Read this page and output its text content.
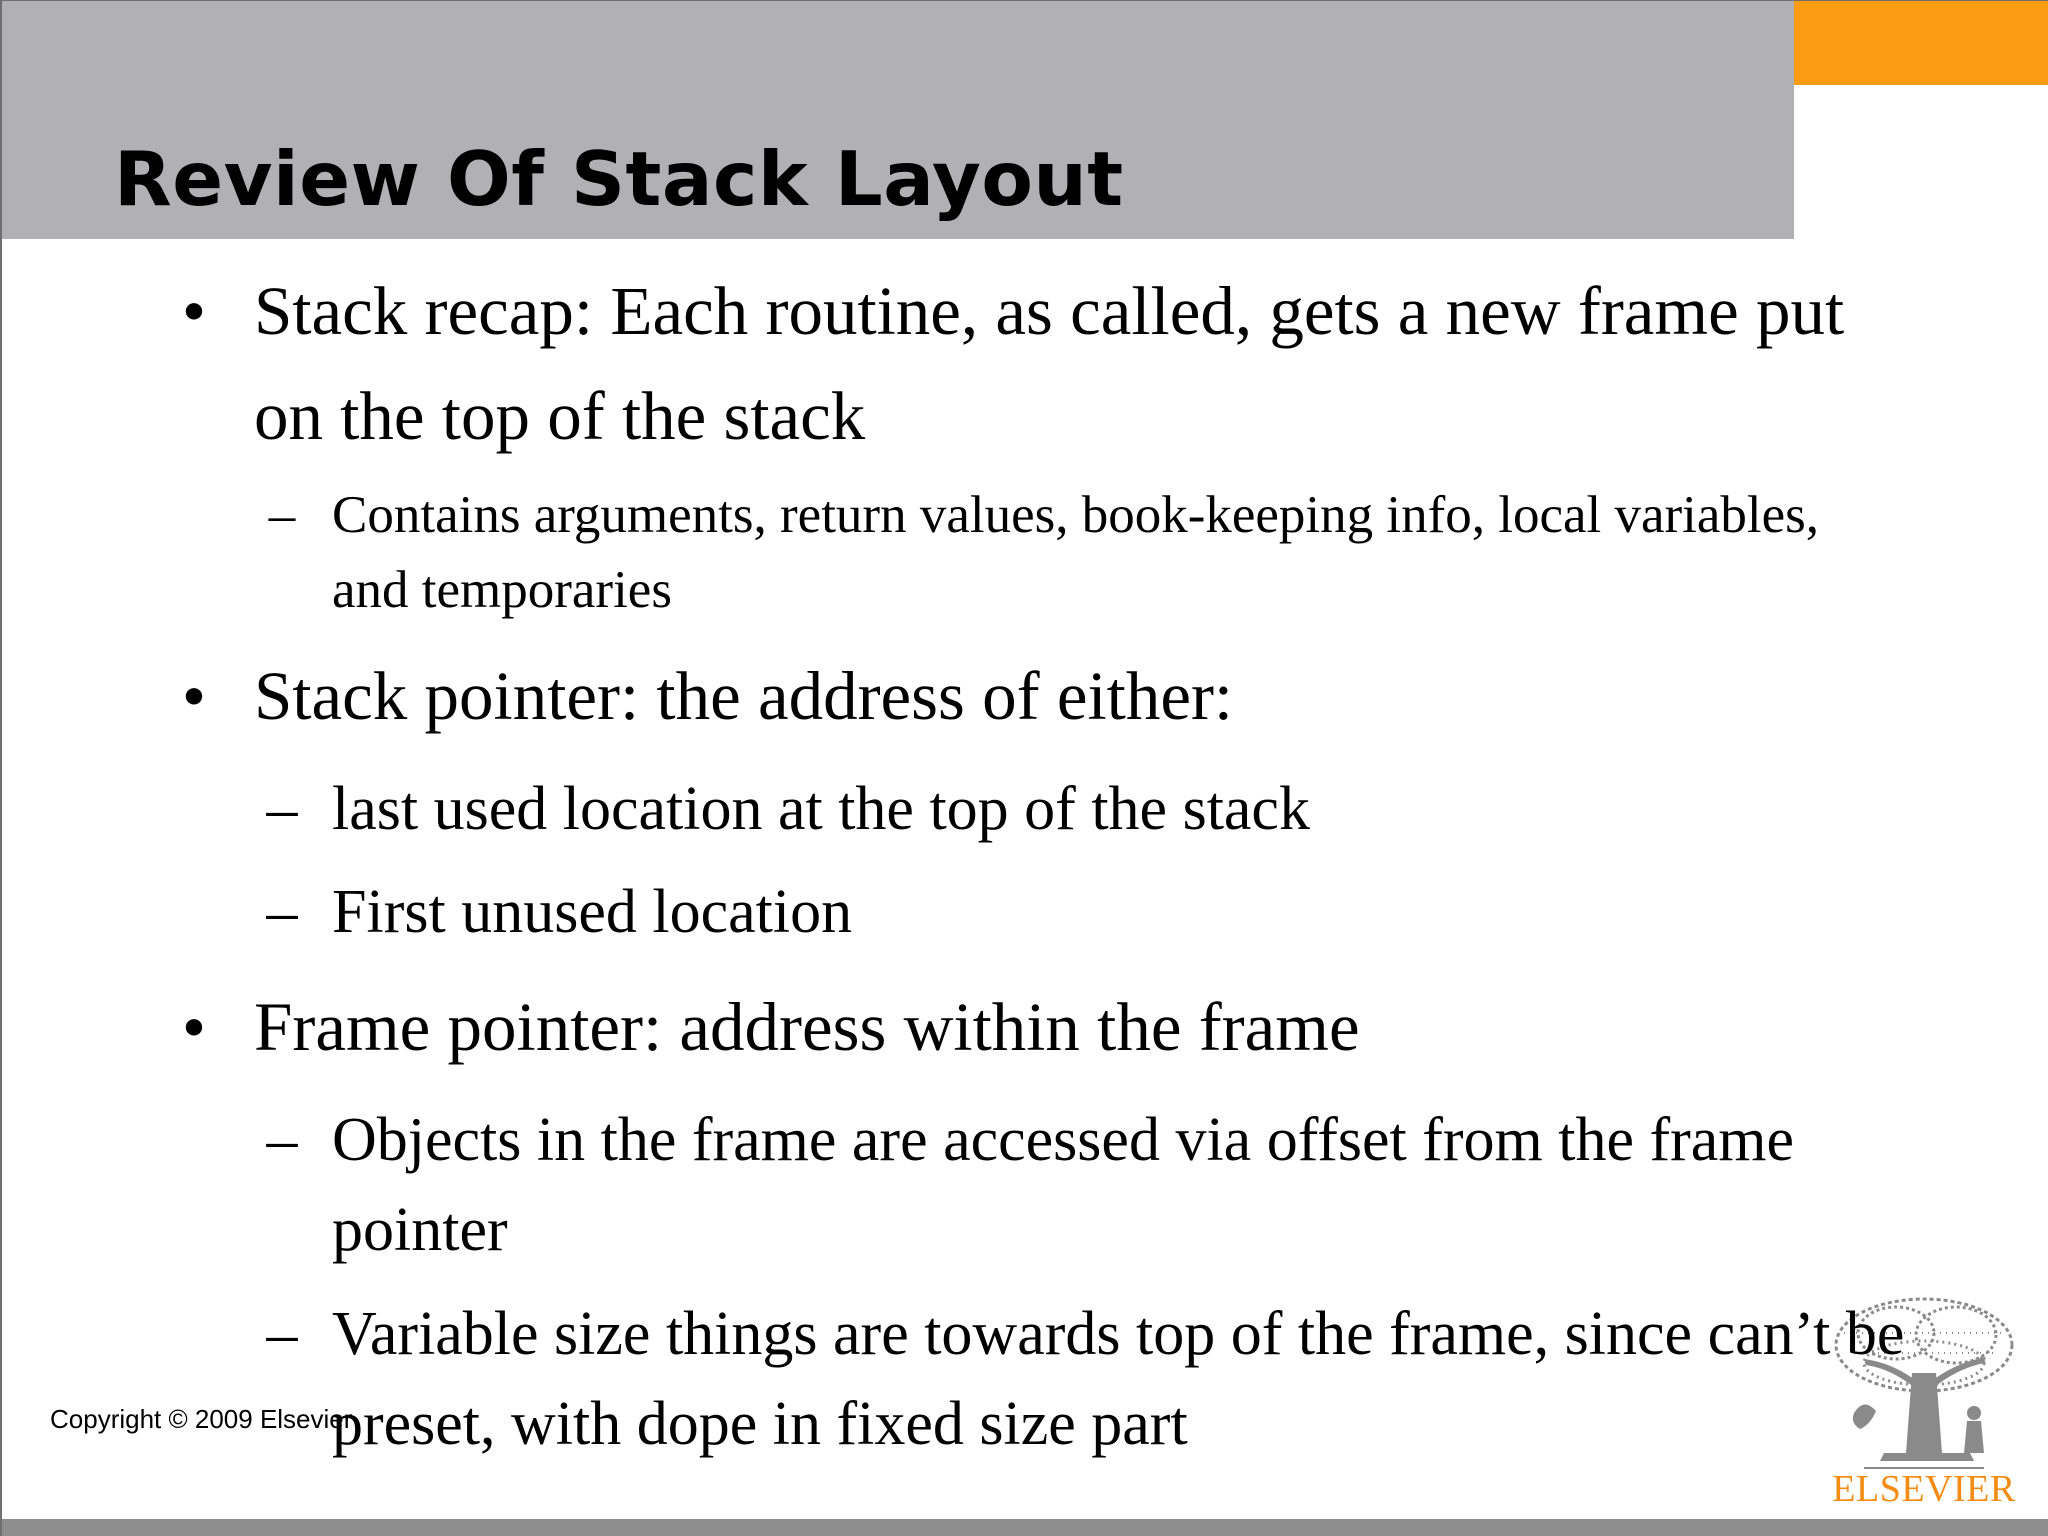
Review Of Stack Layout
• Stack recap: Each routine, as called, gets a new frame put on the top of the stack
– Contains arguments, return values, book-keeping info, local variables, and temporaries
• Stack pointer: the address of either:
– last used location at the top of the stack
– First unused location
• Frame pointer: address within the frame
– Objects in the frame are accessed via offset from the frame pointer
– Variable size things are towards top of the frame, since can’t be preset, with dope in fixed size part
Copyright © 2009 Elsevier
ELSEVIER
